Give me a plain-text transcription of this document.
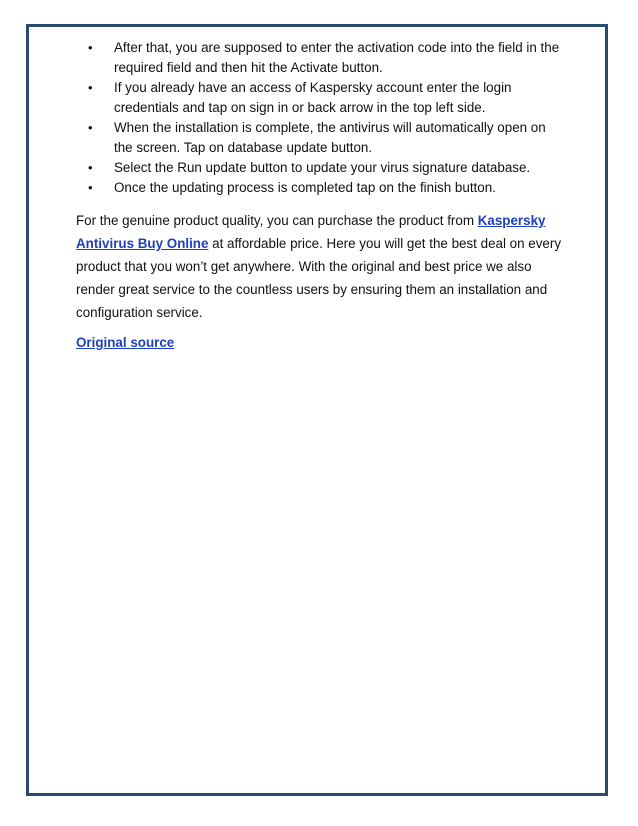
• After that, you are supposed to enter the activation code into the field in the required field and then hit the Activate button.
• If you already have an access of Kaspersky account enter the login credentials and tap on sign in or back arrow in the top left side.
• When the installation is complete, the antivirus will automatically open on the screen. Tap on database update button.
• Select the Run update button to update your virus signature database.
• Once the updating process is completed tap on the finish button.

For the genuine product quality, you can purchase the product from Kaspersky Antivirus Buy Online at affordable price. Here you will get the best deal on every product that you won’t get anywhere. With the original and best price we also render great service to the countless users by ensuring them an installation and configuration service.

Original source
